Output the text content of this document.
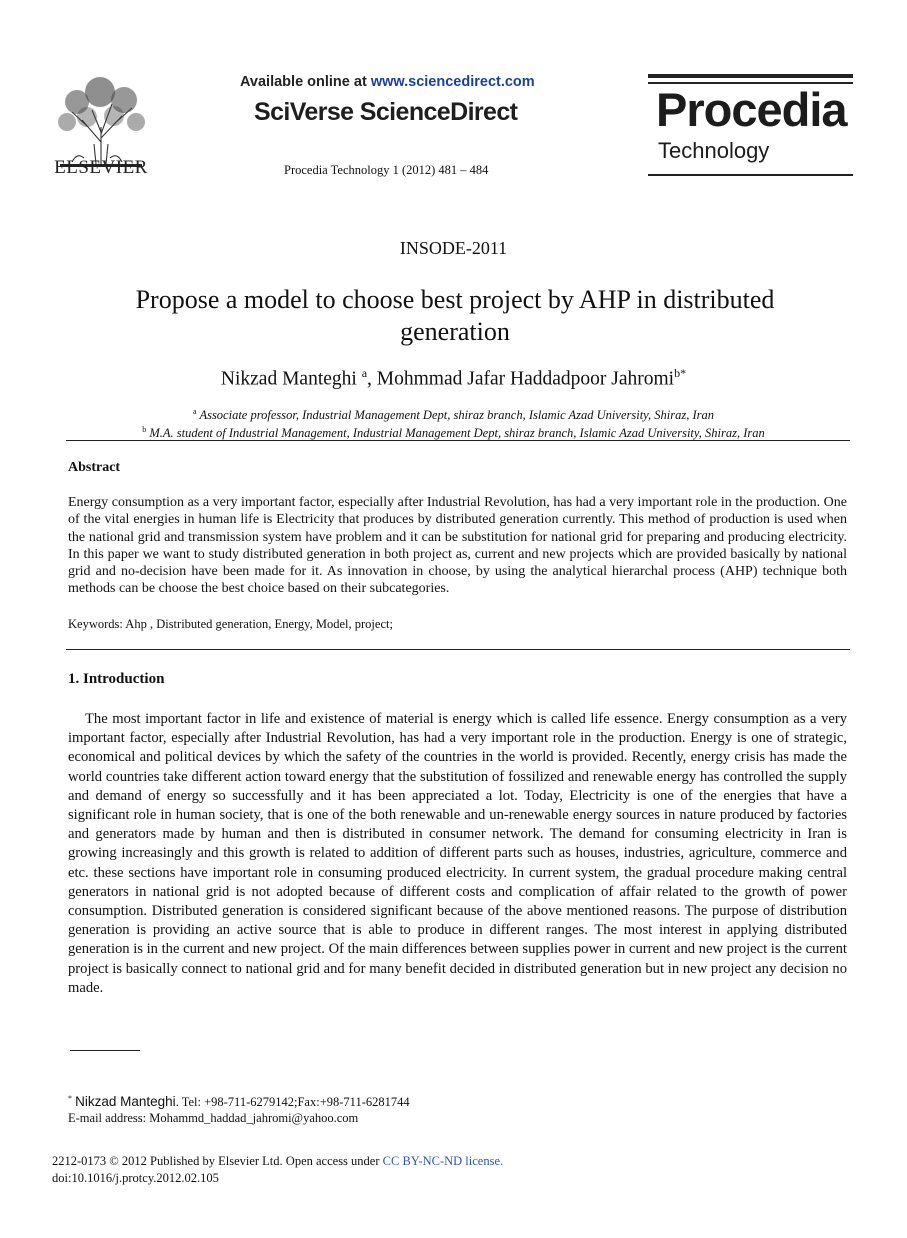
ELSEVIER
Available online at www.sciencedirect.com
SciVerse ScienceDirect
Procedia Technology 1 (2012) 481 – 484
Procedia
Technology
INSODE-2011
Propose a model to choose best project by AHP in distributed generation
Nikzad Manteghi $^a$, Mohmmad Jafar Haddadpoor Jahromi$^{b*}$
$^a$ Associate professor, Industrial Management Dept, shiraz branch, Islamic Azad University, Shiraz, Iran
$^b$ M.A. student of Industrial Management, Industrial Management Dept, shiraz branch, Islamic Azad University, Shiraz, Iran
Abstract
Energy consumption as a very important factor, especially after Industrial Revolution, has had a very important role in the production. One of the vital energies in human life is Electricity that produces by distributed generation currently. This method of production is used when the national grid and transmission system have problem and it can be substitution for national grid for preparing and producing electricity. In this paper we want to study distributed generation in both project as, current and new projects which are provided basically by national grid and no-decision have been made for it. As innovation in choose, by using the analytical hierarchal process (AHP) technique both methods can be choose the best choice based on their subcategories.
Keywords: Ahp , Distributed generation, Energy, Model, project;
1. Introduction
The most important factor in life and existence of material is energy which is called life essence. Energy consumption as a very important factor, especially after Industrial Revolution, has had a very important role in the production. Energy is one of strategic, economical and political devices by which the safety of the countries in the world is provided. Recently, energy crisis has made the world countries take different action toward energy that the substitution of fossilized and renewable energy has controlled the supply and demand of energy so successfully and it has been appreciated a lot. Today, Electricity is one of the energies that have a significant role in human society, that is one of the both renewable and un-renewable energy sources in nature produced by factories and generators made by human and then is distributed in consumer network. The demand for consuming electricity in Iran is growing increasingly and this growth is related to addition of different parts such as houses, industries, agriculture, commerce and etc. these sections have important role in consuming produced electricity. In current system, the gradual procedure making central generators in national grid is not adopted because of different costs and complication of affair related to the growth of power consumption. Distributed generation is considered significant because of the above mentioned reasons. The purpose of distribution generation is providing an active source that is able to produce in different ranges. The most interest in applying distributed generation is in the current and new project. Of the main differences between supplies power in current and new project is the current project is basically connect to national grid and for many benefit decided in distributed generation but in new project any decision no made.
* Nikzad Manteghi. Tel: +98-711-6279142;Fax:+98-711-6281744
E-mail address: Mohammd_haddad_jahromi@yahoo.com
2212-0173 © 2012 Published by Elsevier Ltd. Open access under CC BY-NC-ND license.
doi:10.1016/j.protcy.2012.02.105
